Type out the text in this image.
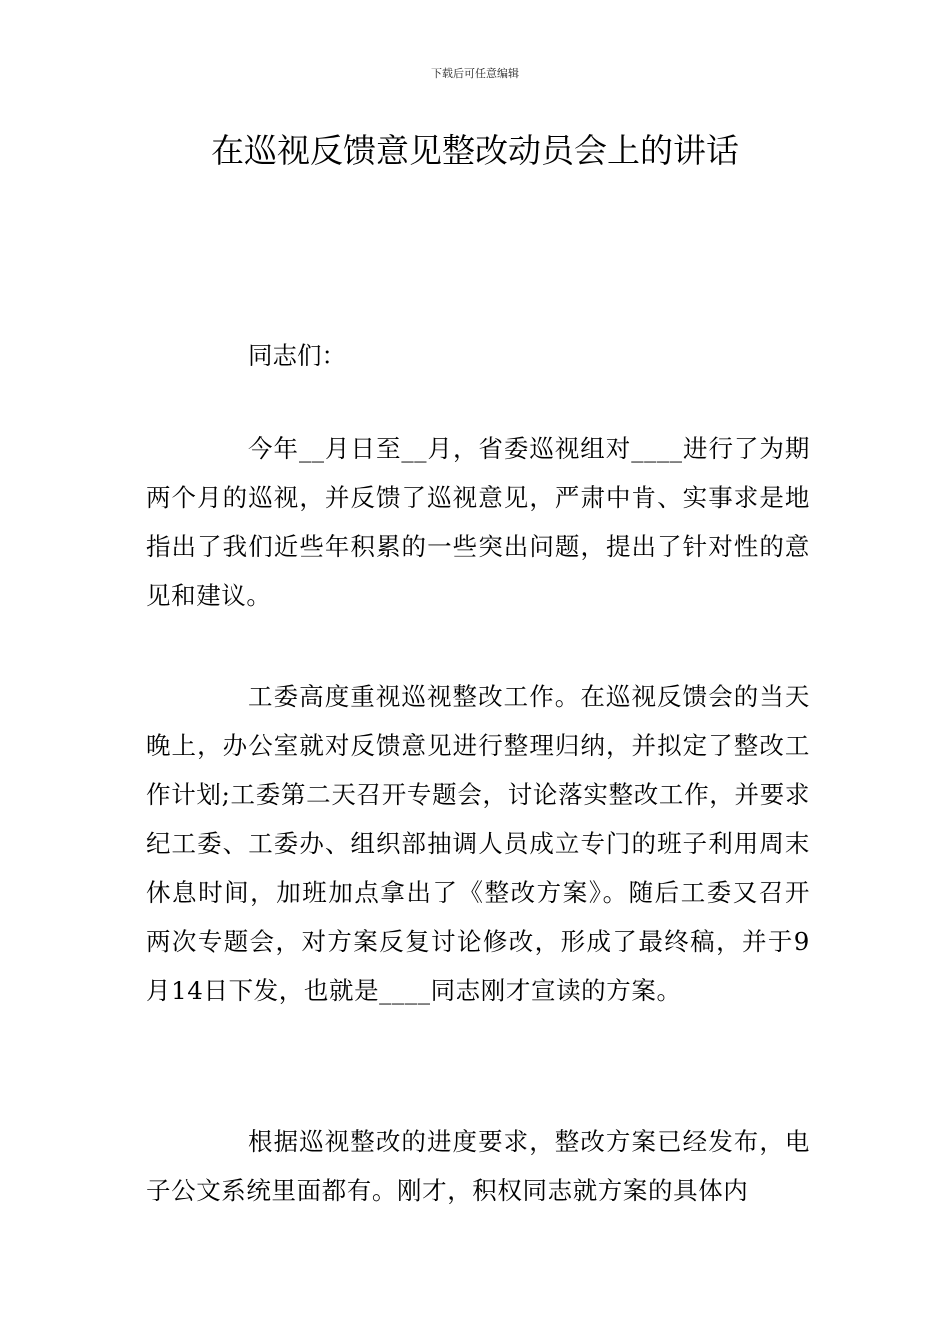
下载后可任意编辑
在巡视反馈意见整改动员会上的讲话

同志们：

今年__月日至__月，省委巡视组对____进行了为期两个月的巡视，并反馈了巡视意见，严肃中肯、实事求是地指出了我们近些年积累的一些突出问题，提出了针对性的意见和建议。

工委高度重视巡视整改工作。在巡视反馈会的当天晚上，办公室就对反馈意见进行整理归纳，并拟定了整改工作计划;工委第二天召开专题会，讨论落实整改工作，并要求纪工委、工委办、组织部抽调人员成立专门的班子利用周末休息时间，加班加点拿出了《整改方案》。随后工委又召开两次专题会，对方案反复讨论修改，形成了最终稿，并于9月14日下发，也就是____同志刚才宣读的方案。

根据巡视整改的进度要求，整改方案已经发布，电子公文系统里面都有。刚才，积权同志就方案的具体内
